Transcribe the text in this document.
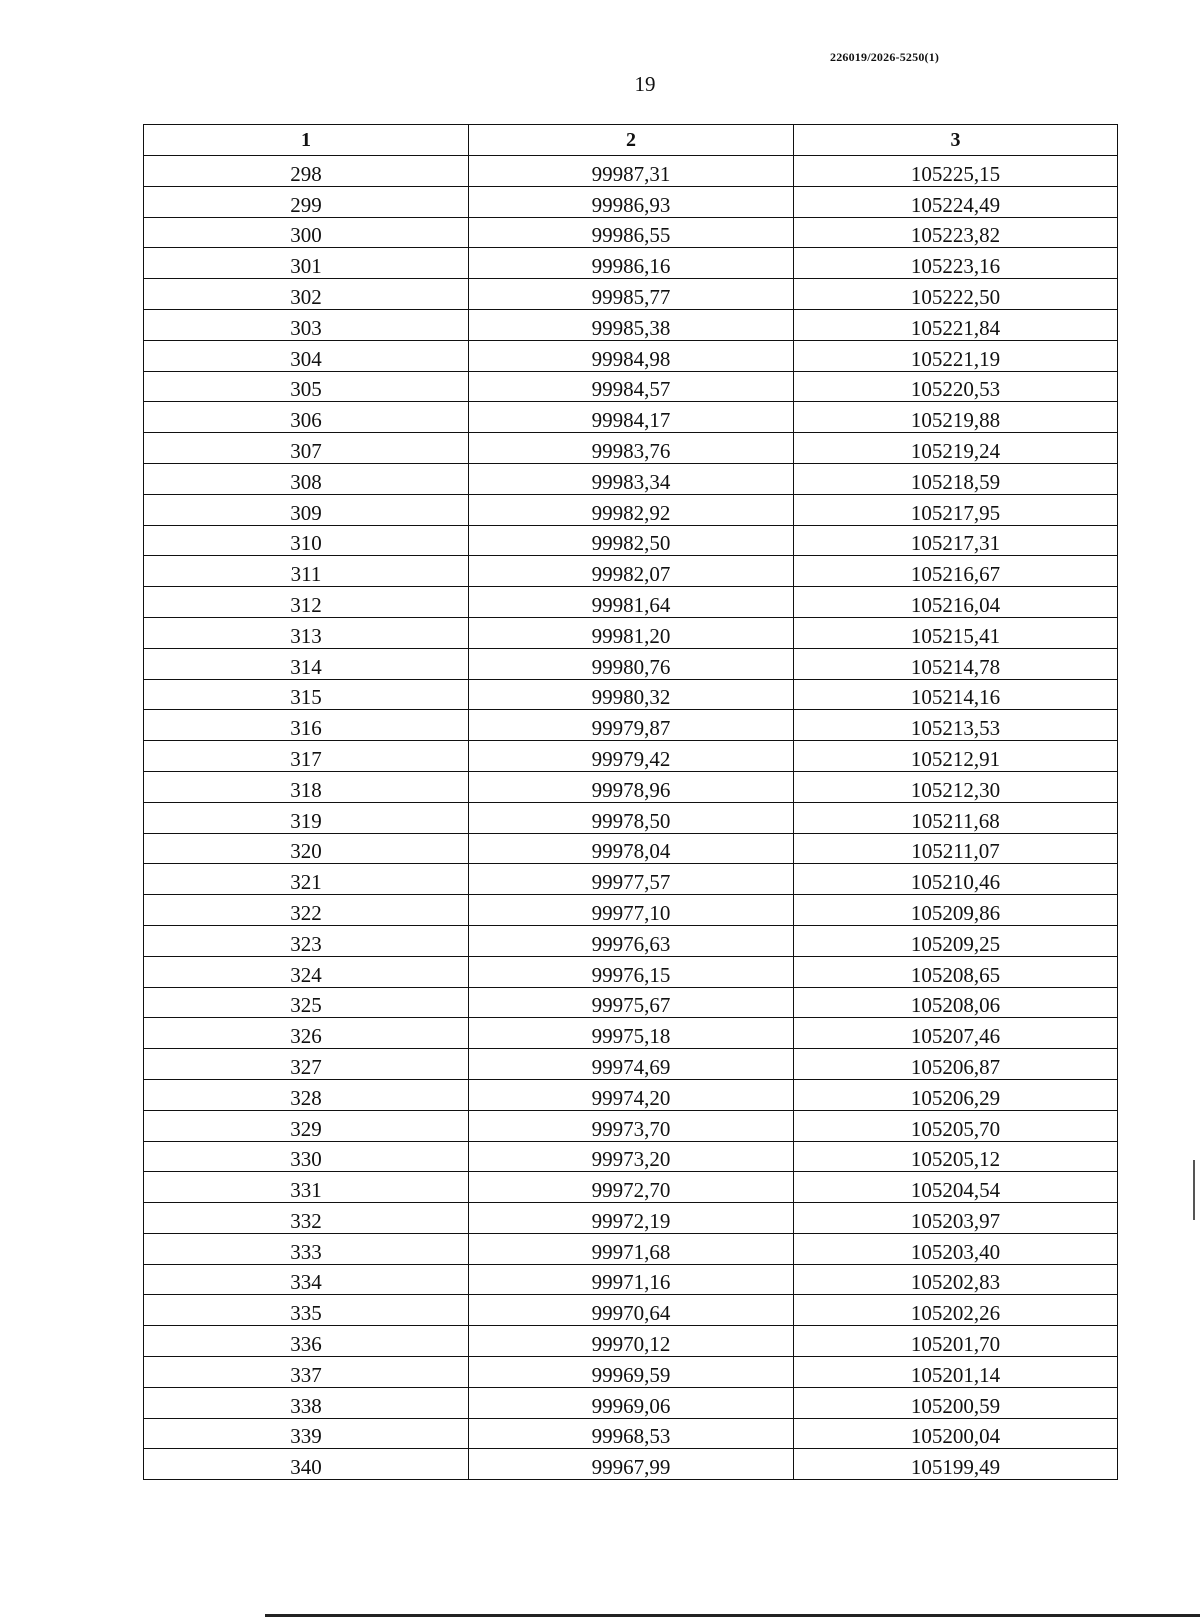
226019/2026-5250(1)
19
1	2	3
298	99987,31	105225,15
299	99986,93	105224,49
300	99986,55	105223,82
301	99986,16	105223,16
302	99985,77	105222,50
303	99985,38	105221,84
304	99984,98	105221,19
305	99984,57	105220,53
306	99984,17	105219,88
307	99983,76	105219,24
308	99983,34	105218,59
309	99982,92	105217,95
310	99982,50	105217,31
311	99982,07	105216,67
312	99981,64	105216,04
313	99981,20	105215,41
314	99980,76	105214,78
315	99980,32	105214,16
316	99979,87	105213,53
317	99979,42	105212,91
318	99978,96	105212,30
319	99978,50	105211,68
320	99978,04	105211,07
321	99977,57	105210,46
322	99977,10	105209,86
323	99976,63	105209,25
324	99976,15	105208,65
325	99975,67	105208,06
326	99975,18	105207,46
327	99974,69	105206,87
328	99974,20	105206,29
329	99973,70	105205,70
330	99973,20	105205,12
331	99972,70	105204,54
332	99972,19	105203,97
333	99971,68	105203,40
334	99971,16	105202,83
335	99970,64	105202,26
336	99970,12	105201,70
337	99969,59	105201,14
338	99969,06	105200,59
339	99968,53	105200,04
340	99967,99	105199,49
